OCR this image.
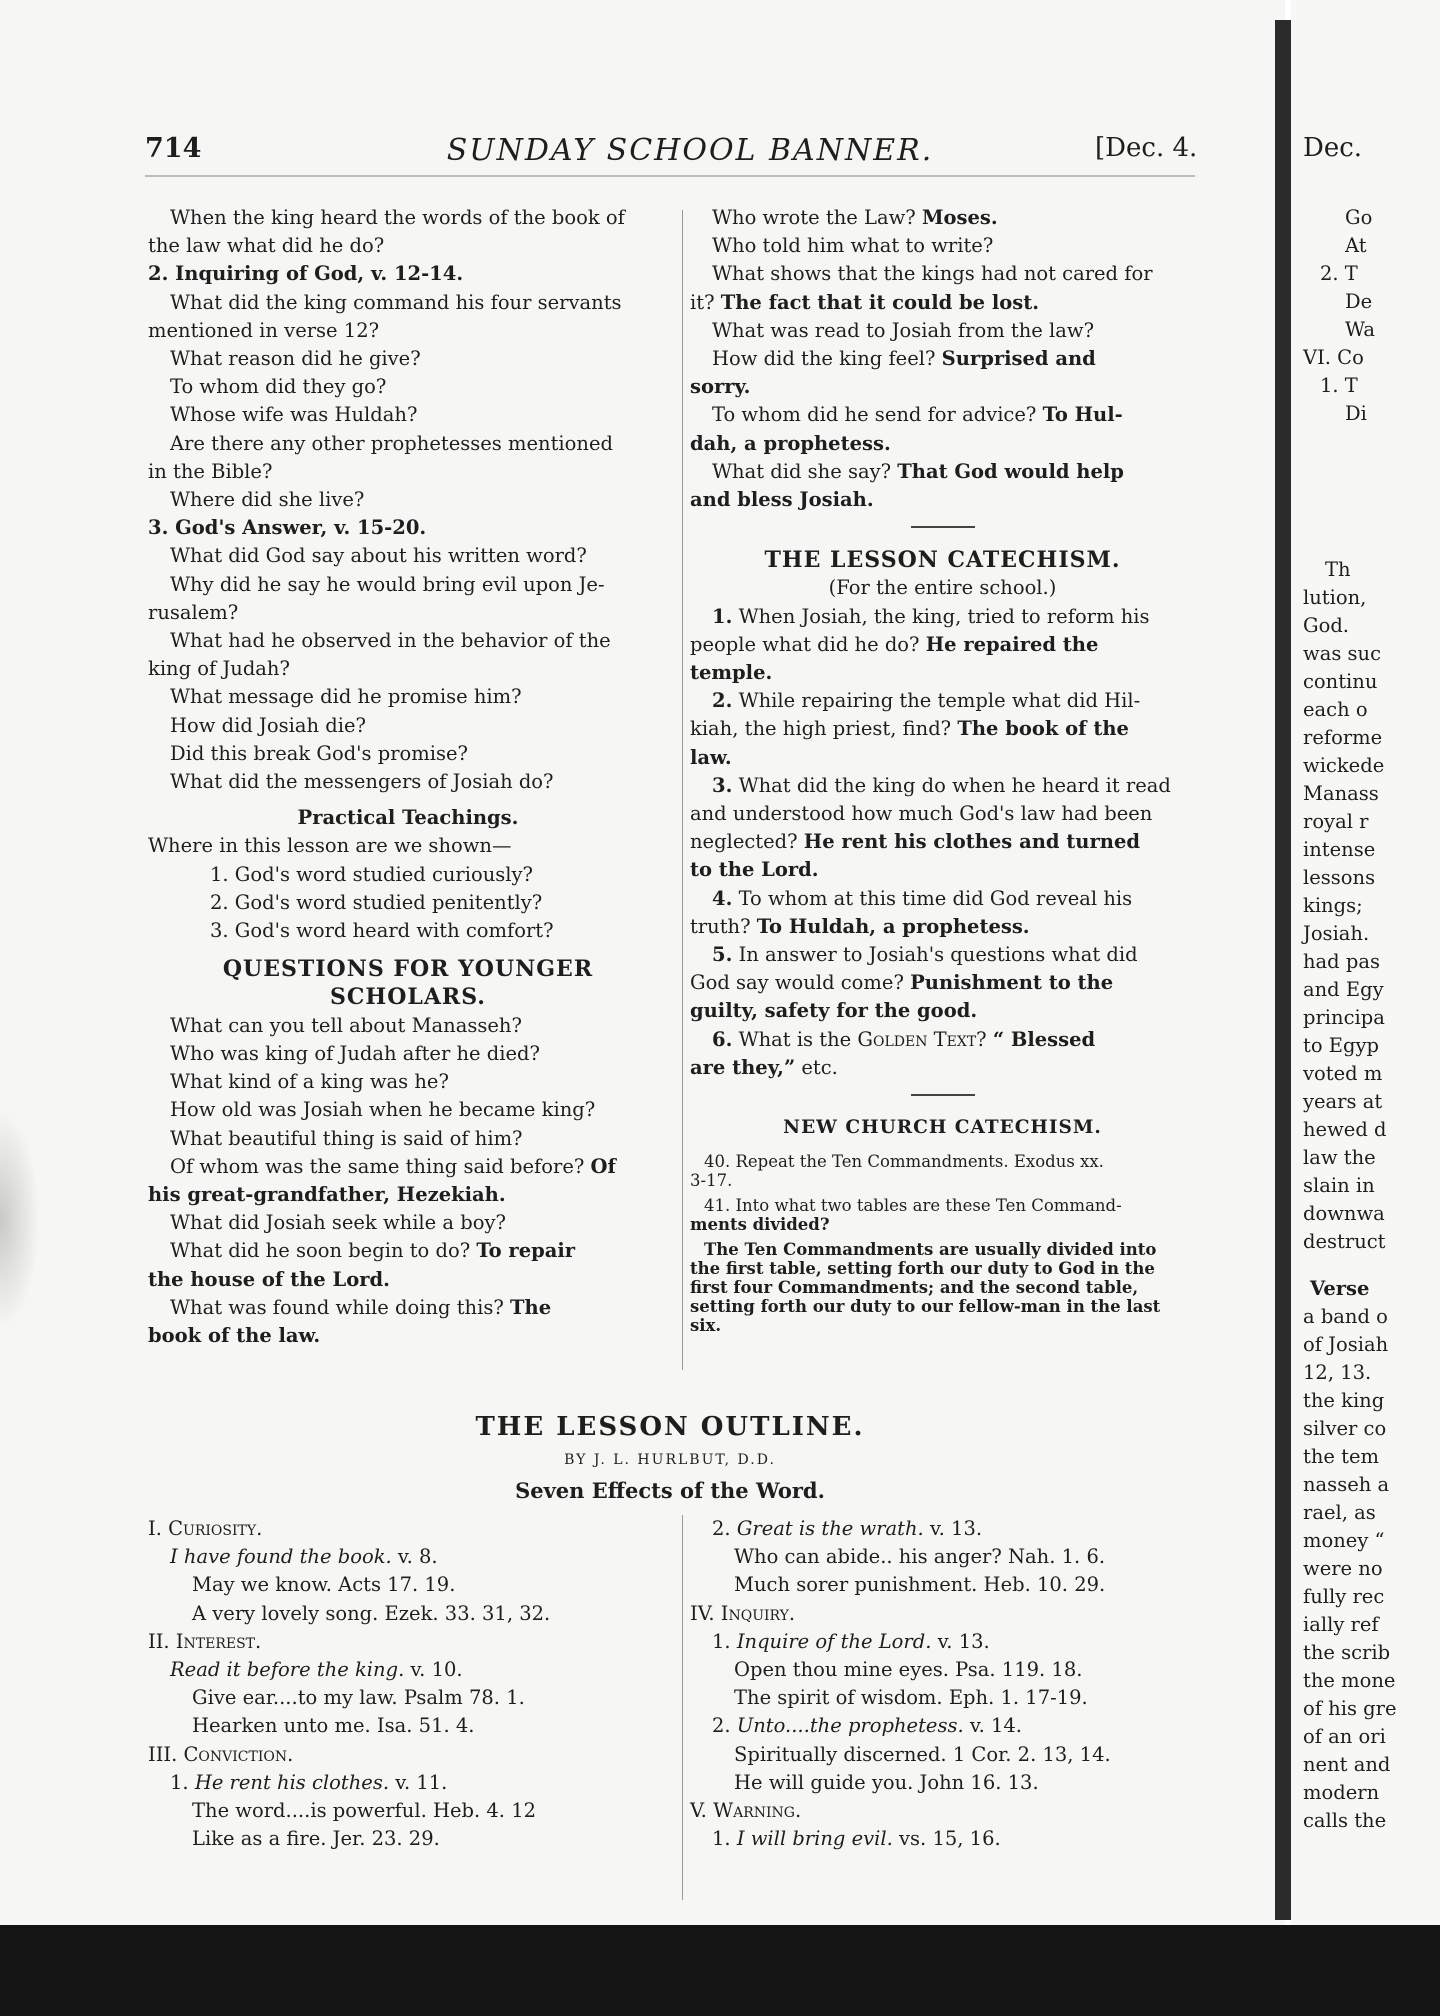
714	SUNDAY SCHOOL BANNER.	[Dec. 4.

When the king heard the words of the book of

the law what did he do?

2. Inquiring of God, v. 12-14.

What did the king command his four servants

mentioned in verse 12?

What reason did he give?

To whom did they go?

Whose wife was Huldah?

Are there any other prophetesses mentioned

in the Bible?

Where did she live?

3. God's Answer, v. 15-20.

What did God say about his written word?

Why did he say he would bring evil upon Je-

rusalem?

What had he observed in the behavior of the

king of Judah?

What message did he promise him?

How did Josiah die?

Did this break God's promise?

What did the messengers of Josiah do?

Practical Teachings.

Where in this lesson are we shown—

1. God's word studied curiously?

2. God's word studied penitently?

3. God's word heard with comfort?

QUESTIONS FOR YOUNGER

SCHOLARS.

What can you tell about Manasseh?

Who was king of Judah after he died?

What kind of a king was he?

How old was Josiah when he became king?

What beautiful thing is said of him?

Of whom was the same thing said before? Of

his great-grandfather, Hezekiah.

What did Josiah seek while a boy?

What did he soon begin to do? To repair

the house of the Lord.

What was found while doing this? The

book of the law.

Who wrote the Law? Moses.

Who told him what to write?

What shows that the kings had not cared for

it? The fact that it could be lost.

What was read to Josiah from the law?

How did the king feel? Surprised and

sorry.

To whom did he send for advice? To Hul-

dah, a prophetess.

What did she say? That God would help

and bless Josiah.

THE LESSON CATECHISM.

(For the entire school.)

1. When Josiah, the king, tried to reform his

people what did he do? He repaired the

temple.

2. While repairing the temple what did Hil-

kiah, the high priest, find? The book of the

law.

3. What did the king do when he heard it read

and understood how much God's law had been

neglected? He rent his clothes and turned

to the Lord.

4. To whom at this time did God reveal his

truth? To Huldah, a prophetess.

5. In answer to Josiah's questions what did

God say would come? Punishment to the

guilty, safety for the good.

6. What is the Golden Text? “ Blessed

are they,” etc.

NEW CHURCH CATECHISM.

40. Repeat the Ten Commandments. Exodus xx.

3-17.

41. Into what two tables are these Ten Command-

ments divided?

The Ten Commandments are usually divided into

the first table, setting forth our duty to God in the

first four Commandments; and the second table,

setting forth our duty to our fellow-man in the last

six.

THE LESSON OUTLINE.
BY J. L. HURLBUT, D.D.
Seven Effects of the Word.

I. Curiosity.

I have found the book. v. 8.

May we know. Acts 17. 19.

A very lovely song. Ezek. 33. 31, 32.

II. Interest.

Read it before the king. v. 10.

Give ear....to my law. Psalm 78. 1.

Hearken unto me. Isa. 51. 4.

III. Conviction.

1. He rent his clothes. v. 11.

The word....is powerful. Heb. 4. 12

Like as a fire. Jer. 23. 29.

2. Great is the wrath. v. 13.

Who can abide.. his anger? Nah. 1. 6.

Much sorer punishment. Heb. 10. 29.

IV. Inquiry.

1. Inquire of the Lord. v. 13.

Open thou mine eyes. Psa. 119. 18.

The spirit of wisdom. Eph. 1. 17-19.

2. Unto....the prophetess. v. 14.

Spiritually discerned. 1 Cor. 2. 13, 14.

He will guide you. John 16. 13.

V. Warning.

1. I will bring evil. vs. 15, 16.

Dec.
Go
At
2. T
De
Wa
VI. Co
1. T
Di
Th
lution,
God.
was suc
continu
each o
reforme
wickede
Manass
royal r
intense
lessons
kings;
Josiah.
had pas
and Egy
principa
to Egyp
voted m
years at
hewed d
law the
slain in
downwa
destruct
Verse
a band o
of Josiah
12, 13.
the king
silver co
the tem
nasseh a
rael, as
money “
were no
fully rec
ially ref
the scrib
the mone
of his gre
of an ori
nent and
modern
calls the
